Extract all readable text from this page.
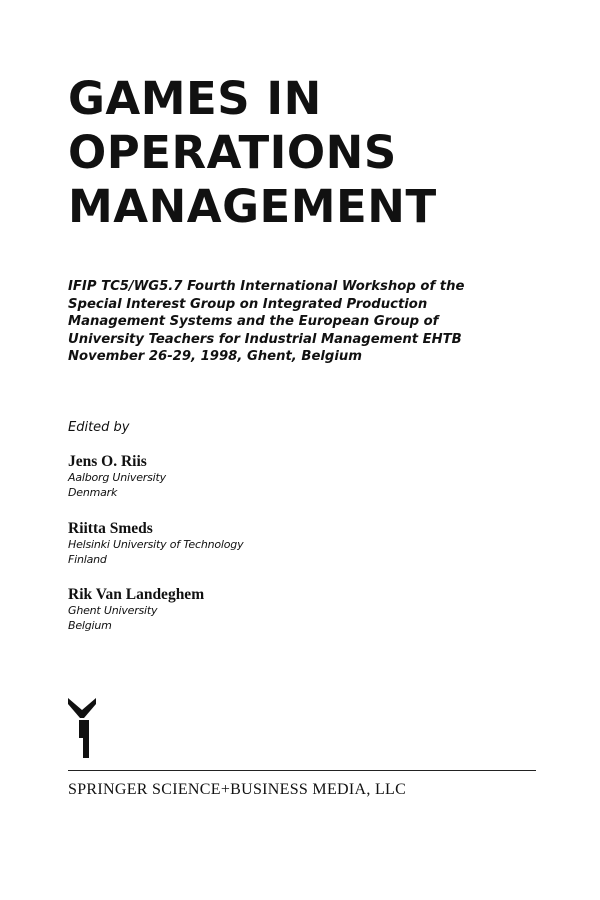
GAMES IN
OPERATIONS
MANAGEMENT

IFIP TC5/WG5.7 Fourth International Workshop of the
Special Interest Group on Integrated Production
Management Systems and the European Group of
University Teachers for Industrial Management EHTB
November 26-29, 1998, Ghent, Belgium

Edited by
Jens O. Riis
Aalborg University
Denmark
Riitta Smeds
Helsinki University of Technology
Finland
Rik Van Landeghem
Ghent University
Belgium
SPRINGER SCIENCE+BUSINESS MEDIA, LLC
